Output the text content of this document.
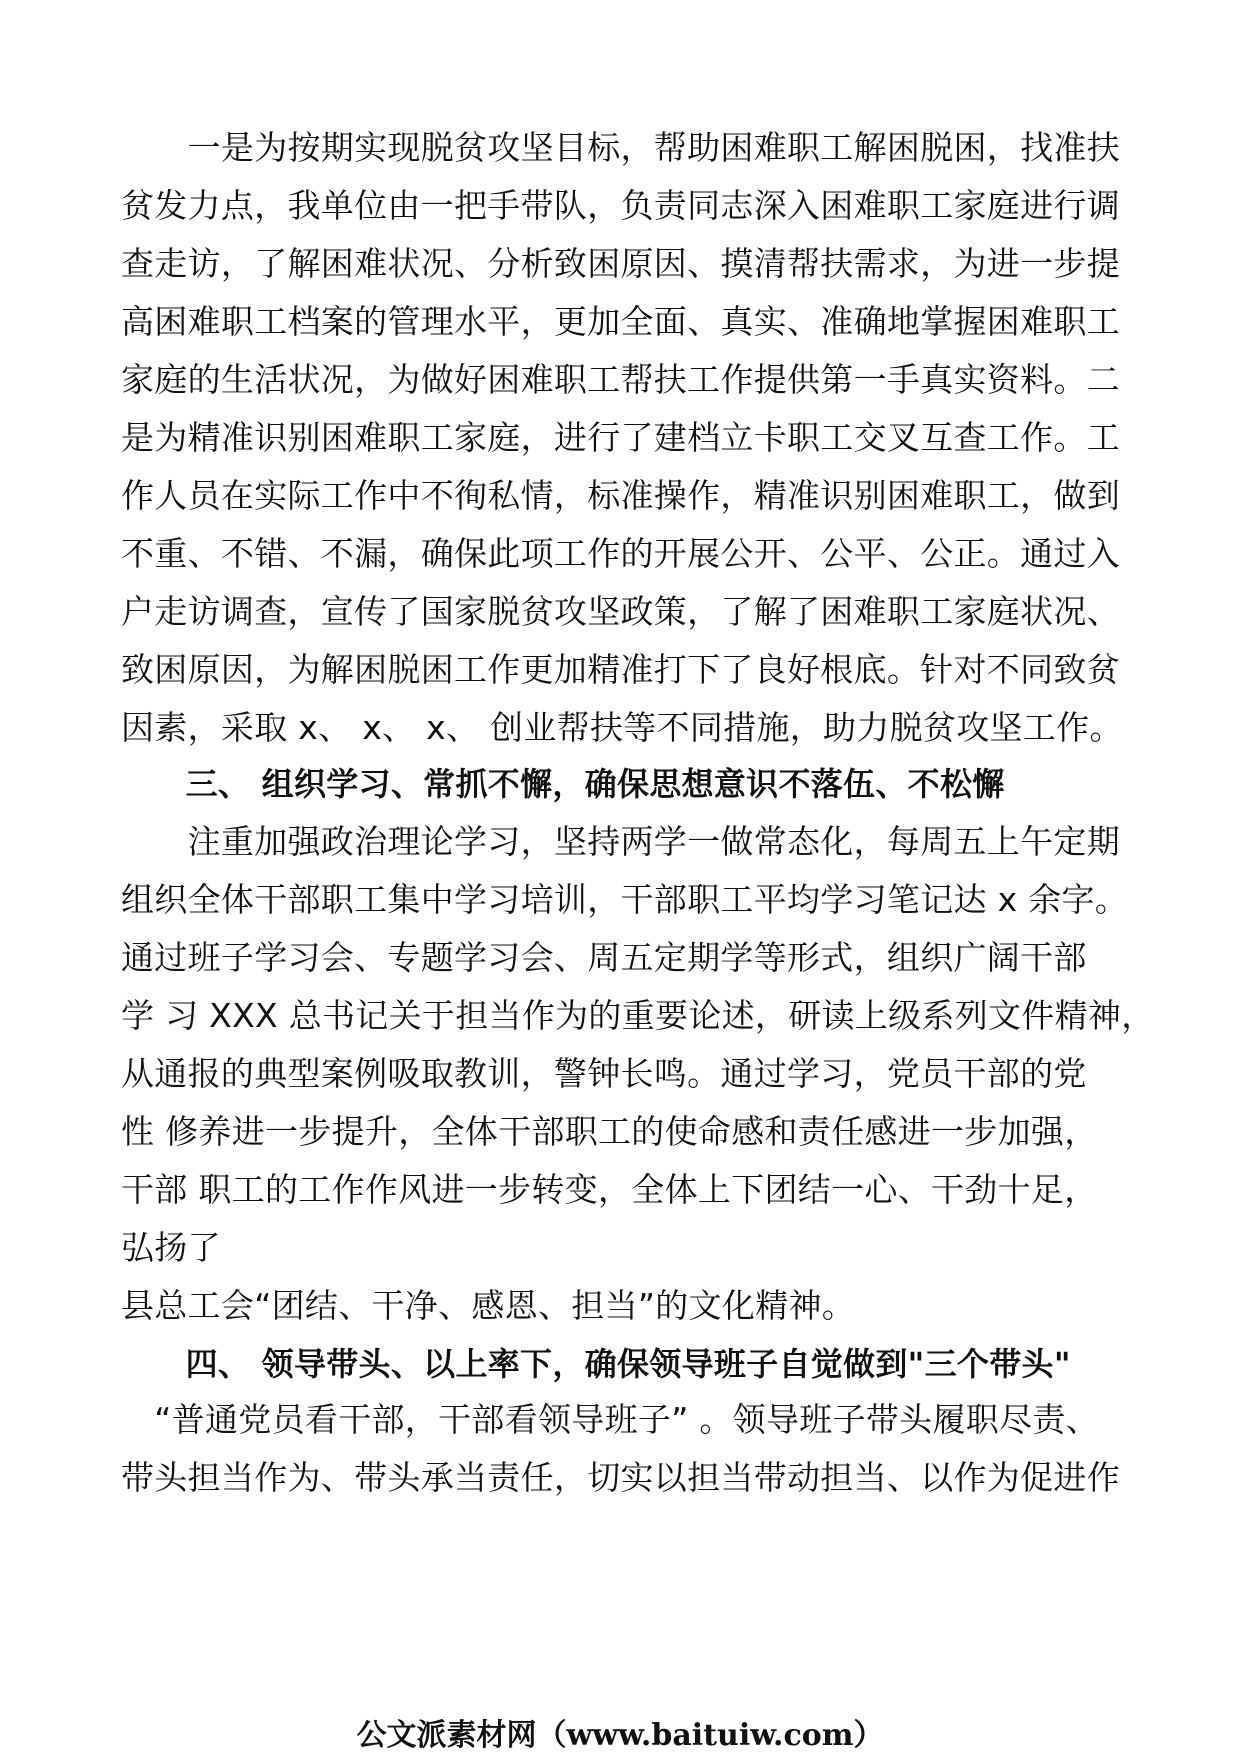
　　一是为按期实现脱贫攻坚目标，帮助困难职工解困脱困，找准扶
贫发力点，我单位由一把手带队，负责同志深入困难职工家庭进行调
查走访，了解困难状况、分析致困原因、摸清帮扶需求，为进一步提
高困难职工档案的管理水平，更加全面、真实、准确地掌握困难职工
家庭的生活状况，为做好困难职工帮扶工作提供第一手真实资料。二
是为精准识别困难职工家庭，进行了建档立卡职工交叉互查工作。工
作人员在实际工作中不徇私情，标准操作，精准识别困难职工，做到
不重、不错、不漏，确保此项工作的开展公开、公平、公正。通过入
户走访调查，宣传了国家脱贫攻坚政策，了解了困难职工家庭状况、
致困原因，为解困脱困工作更加精准打下了良好根底。针对不同致贫
因素，采取 x、 x、 x、 创业帮扶等不同措施，助力脱贫攻坚工作。
　　三、 组织学习、常抓不懈，确保思想意识不落伍、不松懈
　　注重加强政治理论学习，坚持两学一做常态化，每周五上午定期
组织全体干部职工集中学习培训，干部职工平均学习笔记达 x 余字。
通过班子学习会、专题学习会、周五定期学等形式，组织广阔干部
学 习 XXX 总书记关于担当作为的重要论述，研读上级系列文件精神，
从通报的典型案例吸取教训，警钟长鸣。通过学习，党员干部的党
性 修养进一步提升，全体干部职工的使命感和责任感进一步加强，
干部 职工的工作作风进一步转变，全体上下团结一心、干劲十足，
弘扬了
县总工会“团结、干净、感恩、担当”的文化精神。
　　四、 领导带头、以上率下，确保领导班子自觉做到"三个带头"
　“普通党员看干部，干部看领导班子” 。领导班子带头履职尽责、
带头担当作为、带头承当责任，切实以担当带动担当、以作为促进作
公文派素材网（www.baituiw.com）
